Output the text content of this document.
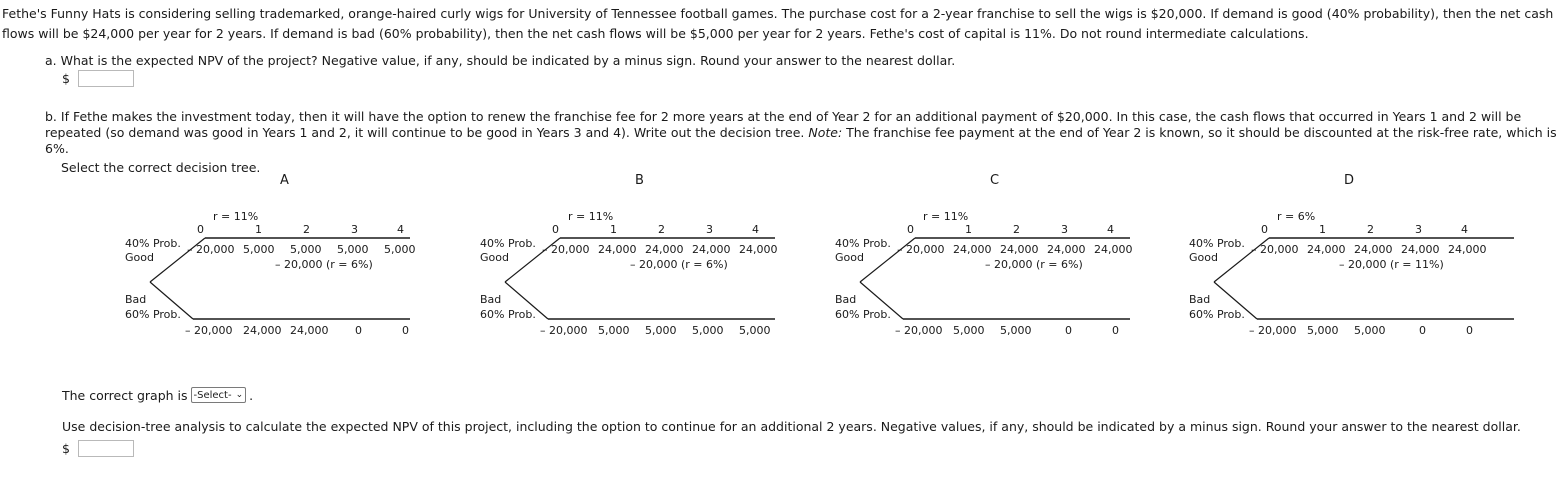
Fethe's Funny Hats is considering selling trademarked, orange-haired curly wigs for University of Tennessee football games. The purchase cost for a 2-year franchise to sell the wigs is $20,000. If demand is good (40% probability), then the net cash flows will be $24,000 per year for 2 years. If demand is bad (60% probability), then the net cash flows will be $5,000 per year for 2 years. Fethe's cost of capital is 11%. Do not round intermediate calculations.
a. What is the expected NPV of the project? Negative value, if any, should be indicated by a minus sign. Round your answer to the nearest dollar.
$
b. If Fethe makes the investment today, then it will have the option to renew the franchise fee for 2 more years at the end of Year 2 for an additional payment of $20,000. In this case, the cash flows that occurred in Years 1 and 2 will be repeated (so demand was good in Years 1 and 2, it will continue to be good in Years 3 and 4). Write out the decision tree. Note: The franchise fee payment at the end of Year 2 is known, so it should be discounted at the risk-free rate, which is 6%.
Select the correct decision tree.
A
r = 11%
0	1	2	3	4
40% Prob.
Good
– 20,000 5,000 5,000 5,000 5,000
– 20,000 (r = 6%)
Bad
60% Prob.
– 20,000 24,000 24,000 0	0
B
r = 11%
0	1	2	3	4
40% Prob.
Good
– 20,000 24,000 24,000 24,000 24,000
– 20,000 (r = 6%)
Bad
60% Prob.
– 20,000 5,000 5,000 5,000 5,000
C
r = 11%
0	1	2	3	4
40% Prob.
Good
– 20,000 24,000 24,000 24,000 24,000
– 20,000 (r = 6%)
Bad
60% Prob.
– 20,000 5,000 5,000	0	0
D
r = 6%
0	1	2	3	4
40% Prob.
Good
– 20,000 24,000 24,000 24,000 24,000
– 20,000 (r = 11%)
Bad
60% Prob.
– 20,000 5,000 5,000	0	0
The correct graph is -Select- ⌄ .
Use decision-tree analysis to calculate the expected NPV of this project, including the option to continue for an additional 2 years. Negative values, if any, should be indicated by a minus sign. Round your answer to the nearest dollar.
$
